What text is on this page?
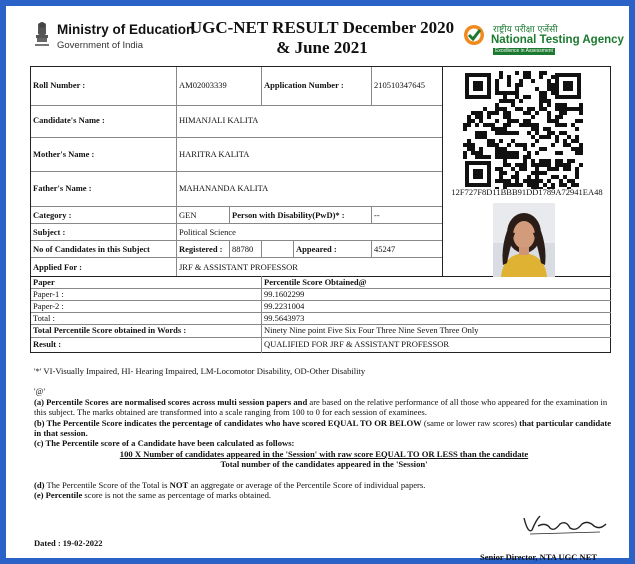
Ministry of Education
Government of India
UGC-NET RESULT December 2020
& June 2021
राष्ट्रीय परीक्षा एजेंसी
National Testing Agency
Excellence in Assessment
Roll Number :	AM02003339	Application Number :	210510347645
Candidate's Name :	HIMANJALI KALITA
Mother's Name :	HARITRA KALITA
Father's Name :	MAHANANDA KALITA
Category :	GEN	Person with Disability(PwD)* :	--
Subject :	Political Science
No of Candidates in this Subject	Registered : 88780	Appeared :	45247
Applied For :	JRF & ASSISTANT PROFESSOR
12F727F8D11BBB91DD1789A72941EA48
Paper	Percentile Score Obtained@
Paper-1 :	99.1602299
Paper-2 :	99.2231004
Total :	99.5643973
Total Percentile Score obtained in Words :	Ninety Nine point Five Six Four Three Nine Seven Three Only
Result :	QUALIFIED FOR JRF & ASSISTANT PROFESSOR

'*' VI-Visually Impaired, HI- Hearing Impaired, LM-Locomotor Disability, OD-Other Disability

'@'

(a) Percentile Scores are normalised scores across multi session papers and are based on the relative performance of all those who appeared for the examination in this subject. The marks obtained are transformed into a scale ranging from 100 to 0 for each session of examinees.

(b) The Percentile Score indicates the percentage of candidates who have scored EQUAL TO OR BELOW (same or lower raw scores) that particular candidate in that session.

(c) The Percentile score of a Candidate have been calculated as follows:

100 X Number of candidates appeared in the 'Session' with raw score EQUAL TO OR LESS than the candidate

Total number of the candidates appeared in the 'Session'

(d) The Percentile Score of the Total is NOT an aggregate or average of the Percentile Score of individual papers.

(e) Percentile score is not the same as percentage of marks obtained.

Dated : 19-02-2022
Senior Director, NTA UGC NET
